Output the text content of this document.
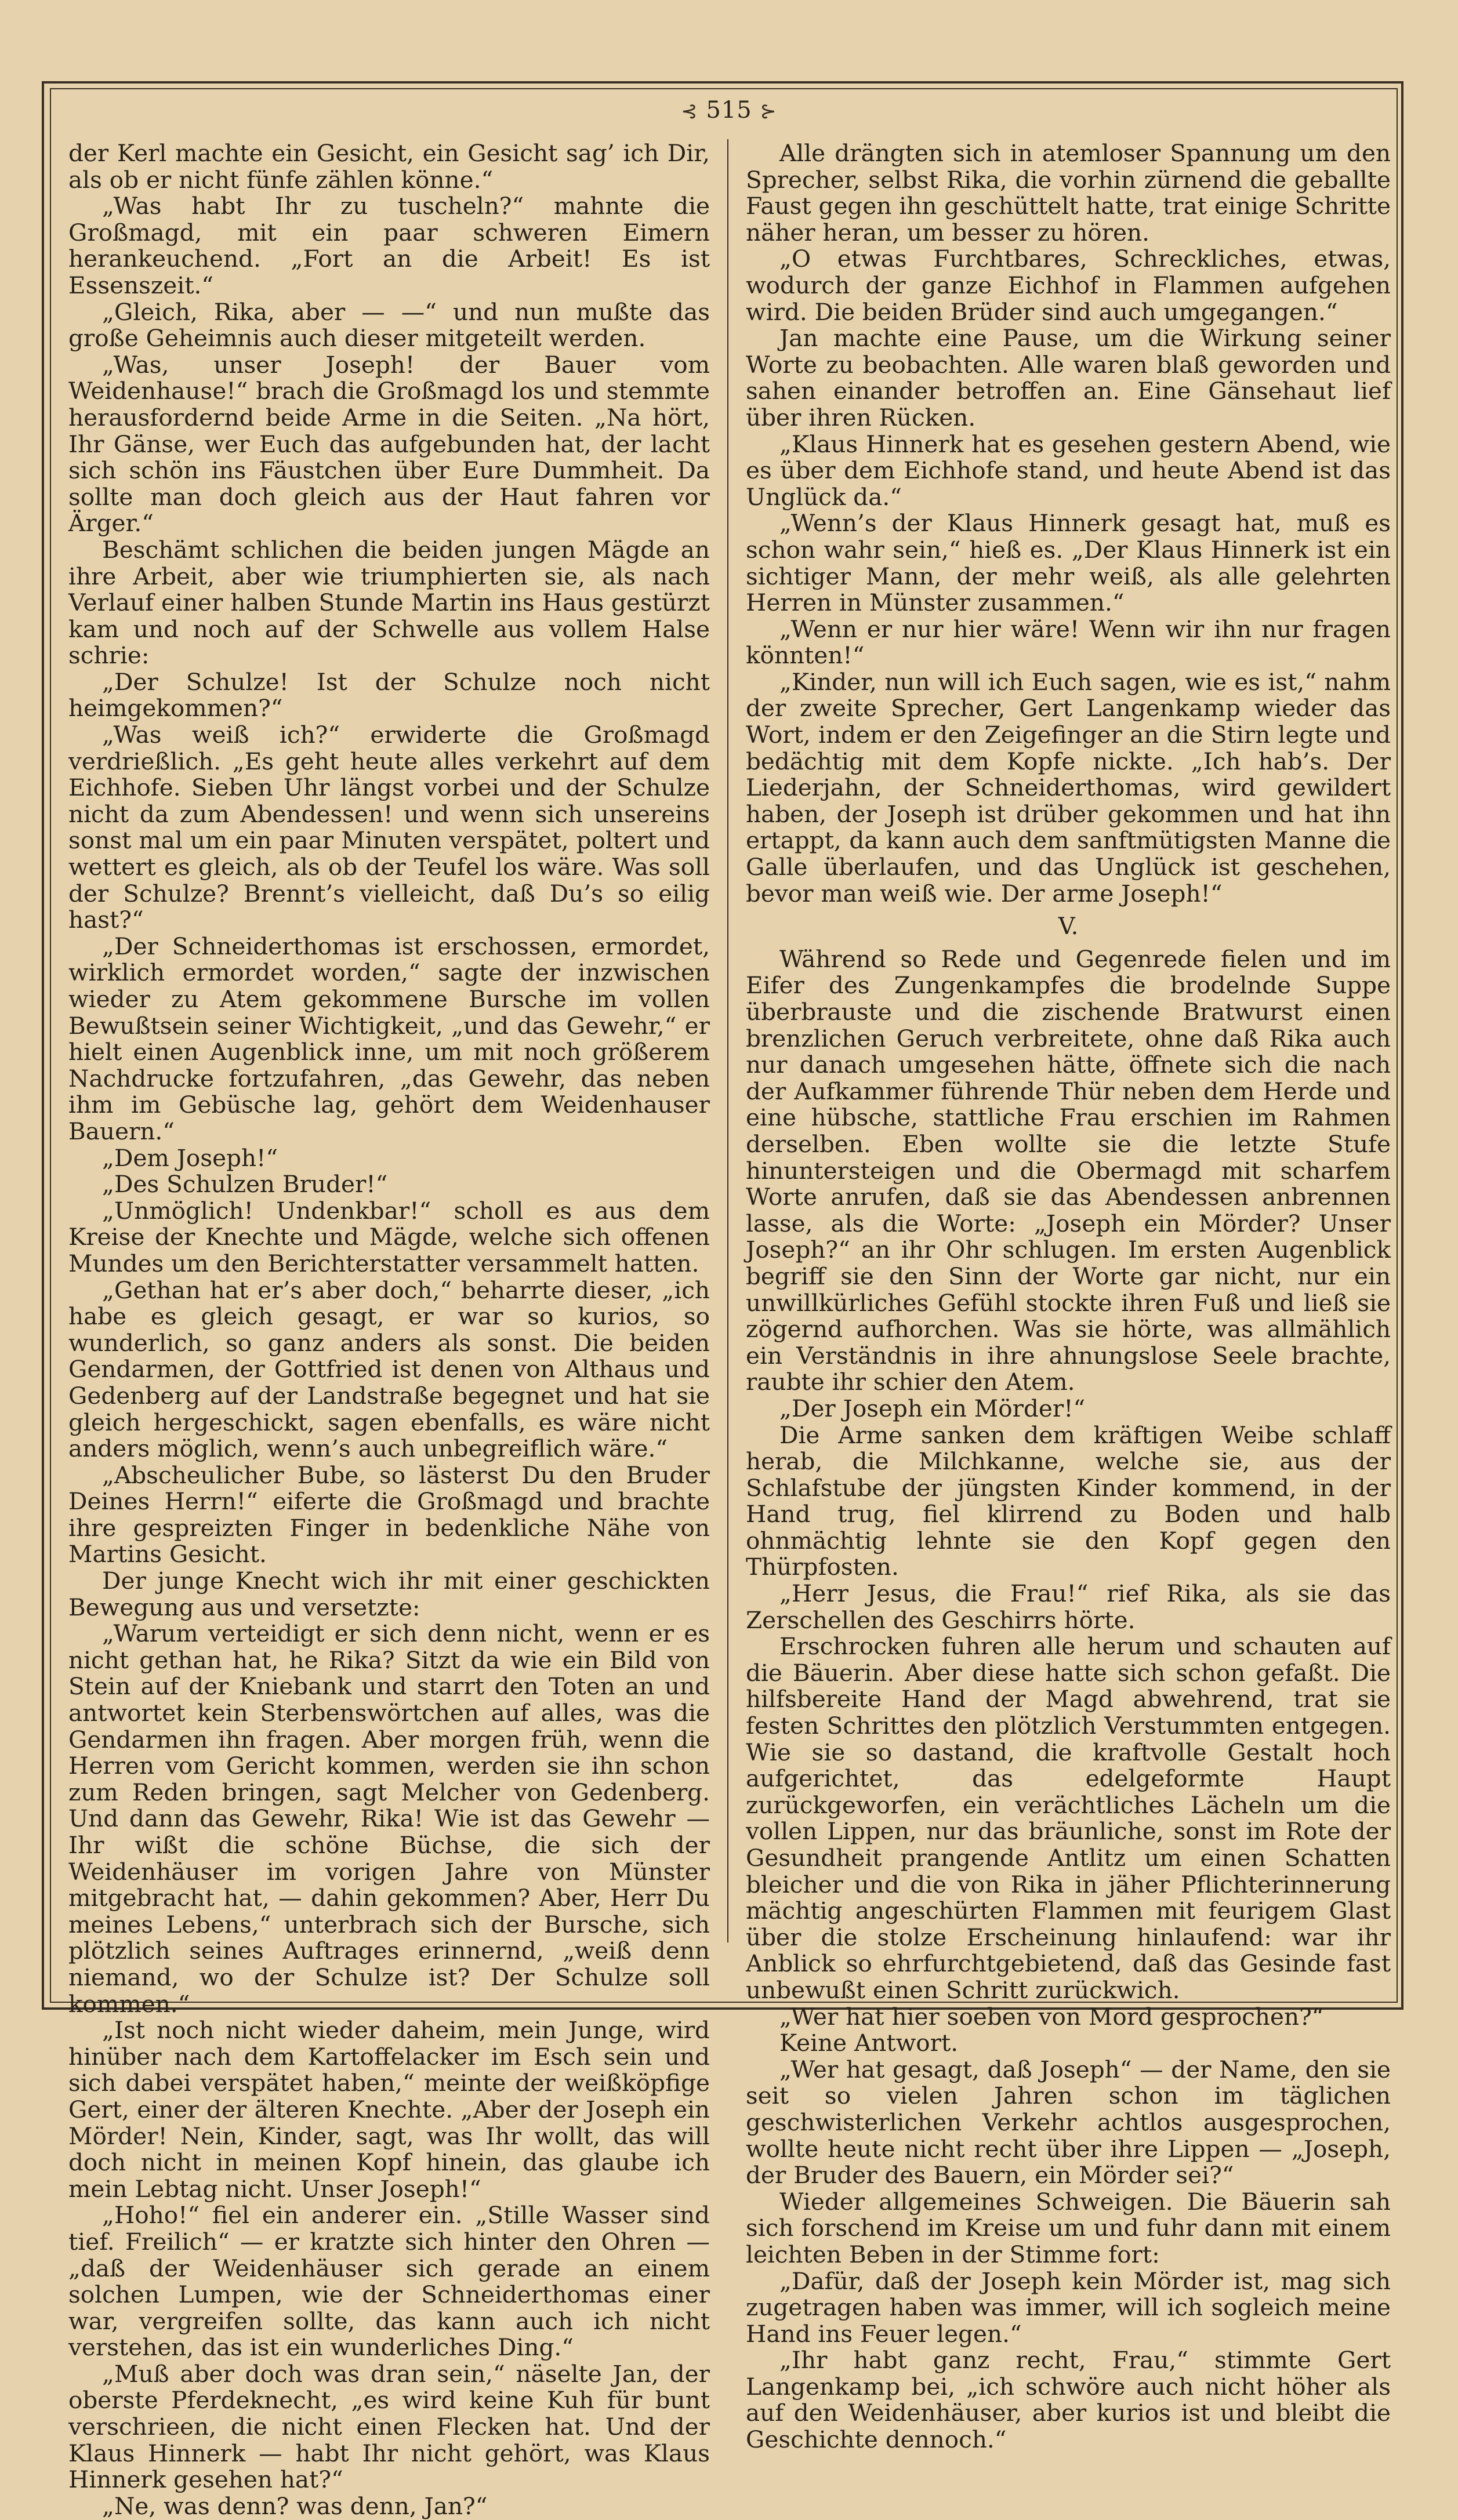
⊰ 515 ⊱

der Kerl machte ein Gesicht, ein Gesicht sag’ ich Dir, als ob er nicht fünfe zählen könne.“

„Was habt Ihr zu tuscheln?“ mahnte die Großmagd, mit ein paar schweren Eimern herankeuchend. „Fort an die Arbeit! Es ist Essenszeit.“

„Gleich, Rika, aber — —“ und nun mußte das große Geheimnis auch dieser mitgeteilt werden.

„Was, unser Joseph! der Bauer vom Weidenhause!“ brach die Großmagd los und stemmte herausfordernd beide Arme in die Seiten. „Na hört, Ihr Gänse, wer Euch das aufgebunden hat, der lacht sich schön ins Fäustchen über Eure Dummheit. Da sollte man doch gleich aus der Haut fahren vor Ärger.“

Beschämt schlichen die beiden jungen Mägde an ihre Arbeit, aber wie triumphierten sie, als nach Verlauf einer halben Stunde Martin ins Haus gestürzt kam und noch auf der Schwelle aus vollem Halse schrie:

„Der Schulze! Ist der Schulze noch nicht heimgekommen?“

„Was weiß ich?“ erwiderte die Großmagd verdrießlich. „Es geht heute alles verkehrt auf dem Eichhofe. Sieben Uhr längst vorbei und der Schulze nicht da zum Abendessen! und wenn sich unsereins sonst mal um ein paar Minuten verspätet, poltert und wettert es gleich, als ob der Teufel los wäre. Was soll der Schulze? Brennt’s vielleicht, daß Du’s so eilig hast?“

„Der Schneiderthomas ist erschossen, ermordet, wirklich ermordet worden,“ sagte der inzwischen wieder zu Atem gekommene Bursche im vollen Bewußtsein seiner Wichtigkeit, „und das Gewehr,“ er hielt einen Augenblick inne, um mit noch größerem Nachdrucke fortzufahren, „das Gewehr, das neben ihm im Gebüsche lag, gehört dem Weidenhauser Bauern.“

„Dem Joseph!“

„Des Schulzen Bruder!“

„Unmöglich! Undenkbar!“ scholl es aus dem Kreise der Knechte und Mägde, welche sich offenen Mundes um den Berichterstatter versammelt hatten.

„Gethan hat er’s aber doch,“ beharrte dieser, „ich habe es gleich gesagt, er war so kurios, so wunderlich, so ganz anders als sonst. Die beiden Gendarmen, der Gottfried ist denen von Althaus und Gedenberg auf der Landstraße begegnet und hat sie gleich hergeschickt, sagen ebenfalls, es wäre nicht anders möglich, wenn’s auch unbegreiflich wäre.“

„Abscheulicher Bube, so lästerst Du den Bruder Deines Herrn!“ eiferte die Großmagd und brachte ihre gespreizten Finger in bedenkliche Nähe von Martins Gesicht.

Der junge Knecht wich ihr mit einer geschickten Bewegung aus und versetzte:

„Warum verteidigt er sich denn nicht, wenn er es nicht gethan hat, he Rika? Sitzt da wie ein Bild von Stein auf der Kniebank und starrt den Toten an und antwortet kein Sterbenswörtchen auf alles, was die Gendarmen ihn fragen. Aber morgen früh, wenn die Herren vom Gericht kommen, werden sie ihn schon zum Reden bringen, sagt Melcher von Gedenberg. Und dann das Gewehr, Rika! Wie ist das Gewehr — Ihr wißt die schöne Büchse, die sich der Weidenhäuser im vorigen Jahre von Münster mitgebracht hat, — dahin gekommen? Aber, Herr Du meines Lebens,“ unterbrach sich der Bursche, sich plötzlich seines Auftrages erinnernd, „weiß denn niemand, wo der Schulze ist? Der Schulze soll kommen.“

„Ist noch nicht wieder daheim, mein Junge, wird hinüber nach dem Kartoffelacker im Esch sein und sich dabei verspätet haben,“ meinte der weißköpfige Gert, einer der älteren Knechte. „Aber der Joseph ein Mörder! Nein, Kinder, sagt, was Ihr wollt, das will doch nicht in meinen Kopf hinein, das glaube ich mein Lebtag nicht. Unser Joseph!“

„Hoho!“ fiel ein anderer ein. „Stille Wasser sind tief. Freilich“ — er kratzte sich hinter den Ohren — „daß der Weidenhäuser sich gerade an einem solchen Lumpen, wie der Schneiderthomas einer war, vergreifen sollte, das kann auch ich nicht verstehen, das ist ein wunderliches Ding.“

„Muß aber doch was dran sein,“ näselte Jan, der oberste Pferdeknecht, „es wird keine Kuh für bunt verschrieen, die nicht einen Flecken hat. Und der Klaus Hinnerk — habt Ihr nicht gehört, was Klaus Hinnerk gesehen hat?“

„Ne, was denn? was denn, Jan?“

Alle drängten sich in atemloser Spannung um den Sprecher, selbst Rika, die vorhin zürnend die geballte Faust gegen ihn geschüttelt hatte, trat einige Schritte näher heran, um besser zu hören.

„O etwas Furchtbares, Schreckliches, etwas, wodurch der ganze Eichhof in Flammen aufgehen wird. Die beiden Brüder sind auch umgegangen.“

Jan machte eine Pause, um die Wirkung seiner Worte zu beobachten. Alle waren blaß geworden und sahen einander betroffen an. Eine Gänsehaut lief über ihren Rücken.

„Klaus Hinnerk hat es gesehen gestern Abend, wie es über dem Eichhofe stand, und heute Abend ist das Unglück da.“

„Wenn’s der Klaus Hinnerk gesagt hat, muß es schon wahr sein,“ hieß es. „Der Klaus Hinnerk ist ein sichtiger Mann, der mehr weiß, als alle gelehrten Herren in Münster zusammen.“

„Wenn er nur hier wäre! Wenn wir ihn nur fragen könnten!“

„Kinder, nun will ich Euch sagen, wie es ist,“ nahm der zweite Sprecher, Gert Langenkamp wieder das Wort, indem er den Zeigefinger an die Stirn legte und bedächtig mit dem Kopfe nickte. „Ich hab’s. Der Liederjahn, der Schneiderthomas, wird gewildert haben, der Joseph ist drüber gekommen und hat ihn ertappt, da kann auch dem sanftmütigsten Manne die Galle überlaufen, und das Unglück ist geschehen, bevor man weiß wie. Der arme Joseph!“

V.

Während so Rede und Gegenrede fielen und im Eifer des Zungenkampfes die brodelnde Suppe überbrauste und die zischende Bratwurst einen brenzlichen Geruch verbreitete, ohne daß Rika auch nur danach umgesehen hätte, öffnete sich die nach der Aufkammer führende Thür neben dem Herde und eine hübsche, stattliche Frau erschien im Rahmen derselben. Eben wollte sie die letzte Stufe hinuntersteigen und die Obermagd mit scharfem Worte anrufen, daß sie das Abendessen anbrennen lasse, als die Worte: „Joseph ein Mörder? Unser Joseph?“ an ihr Ohr schlugen. Im ersten Augenblick begriff sie den Sinn der Worte gar nicht, nur ein unwillkürliches Gefühl stockte ihren Fuß und ließ sie zögernd aufhorchen. Was sie hörte, was allmählich ein Verständnis in ihre ahnungslose Seele brachte, raubte ihr schier den Atem.

„Der Joseph ein Mörder!“

Die Arme sanken dem kräftigen Weibe schlaff herab, die Milchkanne, welche sie, aus der Schlafstube der jüngsten Kinder kommend, in der Hand trug, fiel klirrend zu Boden und halb ohnmächtig lehnte sie den Kopf gegen den Thürpfosten.

„Herr Jesus, die Frau!“ rief Rika, als sie das Zerschellen des Geschirrs hörte.

Erschrocken fuhren alle herum und schauten auf die Bäuerin. Aber diese hatte sich schon gefaßt. Die hilfsbereite Hand der Magd abwehrend, trat sie festen Schrittes den plötzlich Verstummten entgegen. Wie sie so dastand, die kraftvolle Gestalt hoch aufgerichtet, das edelgeformte Haupt zurückgeworfen, ein verächtliches Lächeln um die vollen Lippen, nur das bräunliche, sonst im Rote der Gesundheit prangende Antlitz um einen Schatten bleicher und die von Rika in jäher Pflichterinnerung mächtig angeschürten Flammen mit feurigem Glast über die stolze Erscheinung hinlaufend: war ihr Anblick so ehrfurchtgebietend, daß das Gesinde fast unbewußt einen Schritt zurückwich.

„Wer hat hier soeben von Mord gesprochen?“

Keine Antwort.

„Wer hat gesagt, daß Joseph“ — der Name, den sie seit so vielen Jahren schon im täglichen geschwisterlichen Verkehr achtlos ausgesprochen, wollte heute nicht recht über ihre Lippen — „Joseph, der Bruder des Bauern, ein Mörder sei?“

Wieder allgemeines Schweigen. Die Bäuerin sah sich forschend im Kreise um und fuhr dann mit einem leichten Beben in der Stimme fort:

„Dafür, daß der Joseph kein Mörder ist, mag sich zugetragen haben was immer, will ich sogleich meine Hand ins Feuer legen.“

„Ihr habt ganz recht, Frau,“ stimmte Gert Langenkamp bei, „ich schwöre auch nicht höher als auf den Weidenhäuser, aber kurios ist und bleibt die Geschichte dennoch.“
